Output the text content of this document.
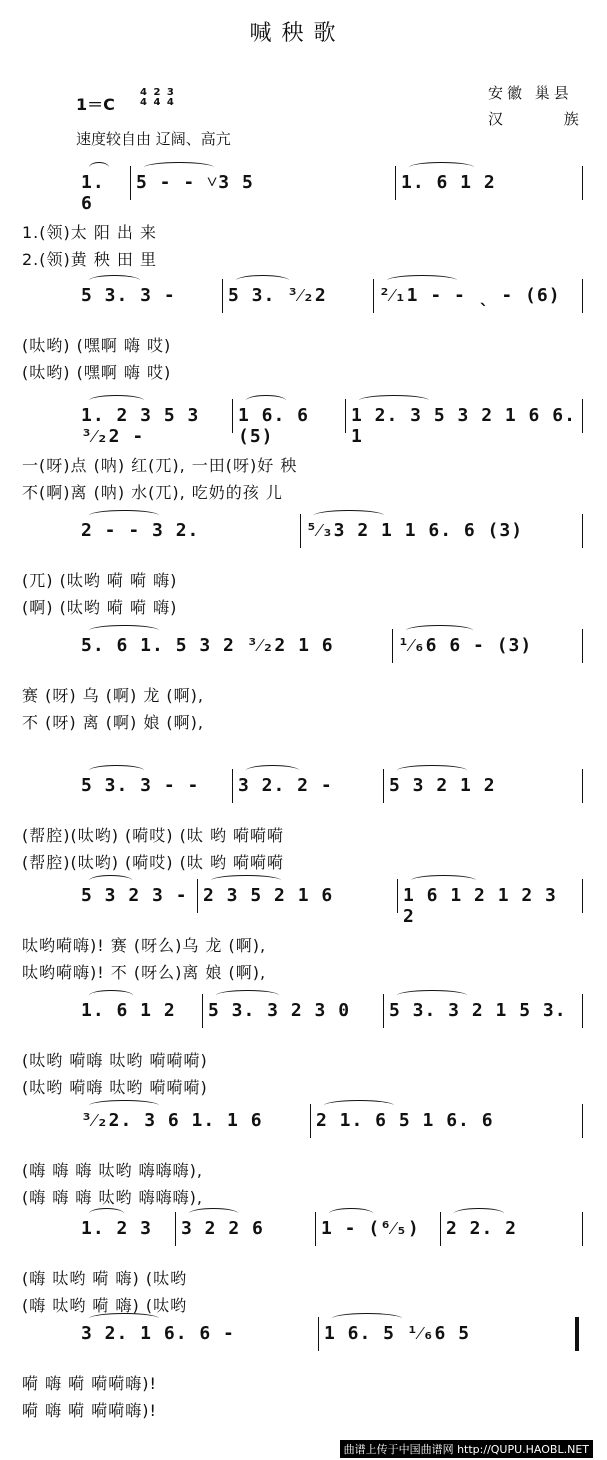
喊秧歌
1＝C
4
4

2
4

3
4
速度较自由 辽阔、高亢
安徽 巢县
汉 族
1. 6
5 - - ˅3 5	1. 6 1 2
1.(领)太 阳 出 来
2.(领)黄 秧 田 里
5 3. 3 -	5 3. ³⁄₂2	²⁄₁1 - - ˎ - (6)
(呔哟) (嘿啊 嗨 哎)
(呔哟) (嘿啊 嗨 哎)
1. 2 3 5 3 ³⁄₂2 -
1 6. 6 (5)
1 2. 3 5 3 2 1 6 6. 1
一(呀)点 (呐) 红(兀), 一田(呀)好 秧
不(啊)离 (呐) 水(兀), 吃奶的孩 儿
2 - - 3 2.	⁵⁄₃3 2 1 1 6. 6 (3)
(兀) (呔哟 嗬 嗬 嗨)
(啊) (呔哟 嗬 嗬 嗨)
5. 6 1. 5 3 2 ³⁄₂2 1 6	¹⁄₆6 6 - (3)
赛 (呀) 乌 (啊) 龙 (啊),
不 (呀) 离 (啊) 娘 (啊),
5 3. 3 - -	3 2. 2 -	5 3 2 1 2
(帮腔)(呔哟) (嗬哎) (呔 哟 嗬嗬嗬
(帮腔)(呔哟) (嗬哎) (呔 哟 嗬嗬嗬
5 3 2 3 - 2 3 5 2 1 6	1 6 1 2 1 2 3 2
呔哟嗬嗨)! 赛 (呀么)乌 龙 (啊),
呔哟嗬嗨)! 不 (呀么)离 娘 (啊),
1. 6 1 2	5 3. 3 2 3 0	5 3. 3 2 1 5 3.
(呔哟 嗬嗨 呔哟 嗬嗬嗬)
(呔哟 嗬嗨 呔哟 嗬嗬嗬)
³⁄₂2. 3 6 1. 1 6	2 1. 6 5 1 6. 6
(嗨 嗨 嗨 呔哟 嗨嗨嗨),
(嗨 嗨 嗨 呔哟 嗨嗨嗨),
1. 2 3	3 2 2 6	1 - (⁶⁄₅)	2 2. 2
(嗨 呔哟 嗬 嗨) (呔哟
(嗨 呔哟 嗬 嗨) (呔哟
3 2. 1 6. 6 -	1 6. 5 ¹⁄₆6 5
嗬 嗨 嗬 嗬嗬嗨)!
嗬 嗨 嗬 嗬嗬嗨)!
曲谱上传于中国曲谱网 http://QUPU.HAOBL.NET
